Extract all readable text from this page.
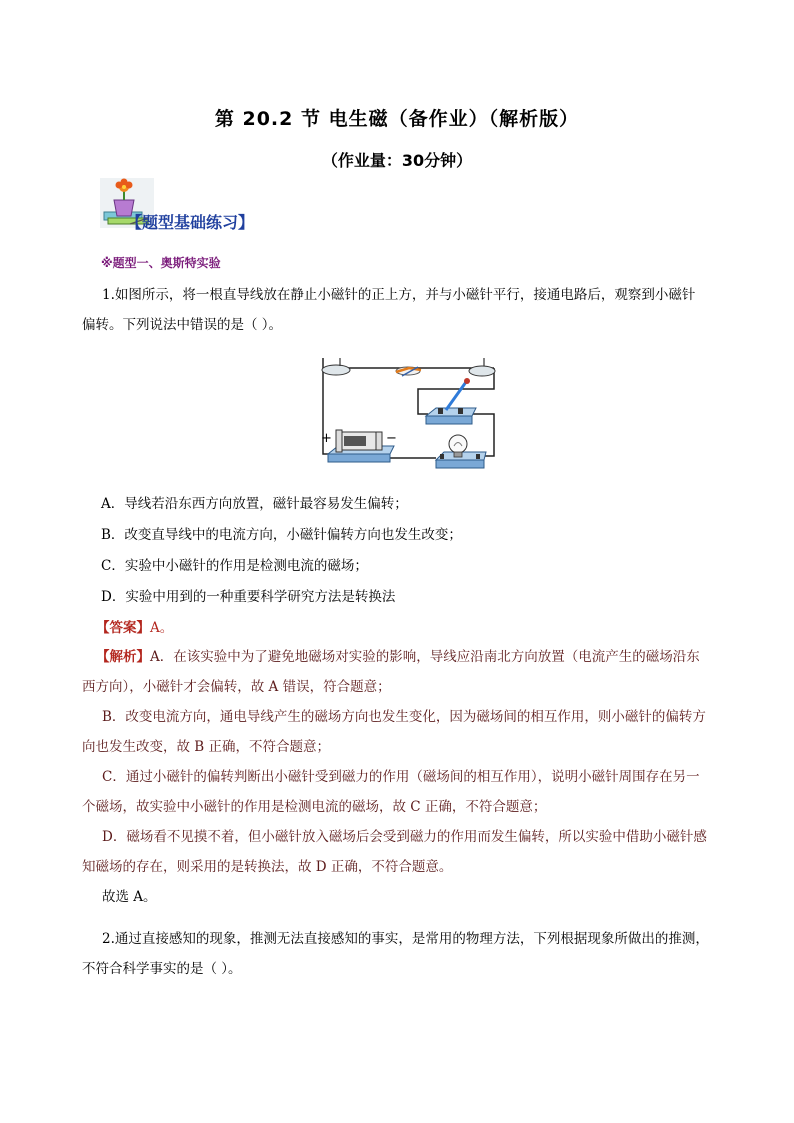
第 20.2 节 电生磁（备作业）（解析版）
（作业量：30分钟）
【题型基础练习】
※题型一、奥斯特实验
1.如图所示，将一根直导线放在静止小磁针的正上方，并与小磁针平行，接通电路后，观察到小磁针
偏转。下列说法中错误的是（ ）。
+	−
A．导线若沿东西方向放置，磁针最容易发生偏转；
B．改变直导线中的电流方向，小磁针偏转方向也发生改变；
C．实验中小磁针的作用是检测电流的磁场；
D．实验中用到的一种重要科学研究方法是转换法
【答案】A。
【解析】A．在该实验中为了避免地磁场对实验的影响，导线应沿南北方向放置（电流产生的磁场沿东
西方向），小磁针才会偏转，故 A 错误，符合题意；
B．改变电流方向，通电导线产生的磁场方向也发生变化，因为磁场间的相互作用，则小磁针的偏转方
向也发生改变，故 B 正确，不符合题意；
C．通过小磁针的偏转判断出小磁针受到磁力的作用（磁场间的相互作用），说明小磁针周围存在另一
个磁场，故实验中小磁针的作用是检测电流的磁场，故 C 正确，不符合题意；
D．磁场看不见摸不着，但小磁针放入磁场后会受到磁力的作用而发生偏转，所以实验中借助小磁针感
知磁场的存在，则采用的是转换法，故 D 正确，不符合题意。
故选 A。
2.通过直接感知的现象，推测无法直接感知的事实，是常用的物理方法，下列根据现象所做出的推测，
不符合科学事实的是（ ）。
